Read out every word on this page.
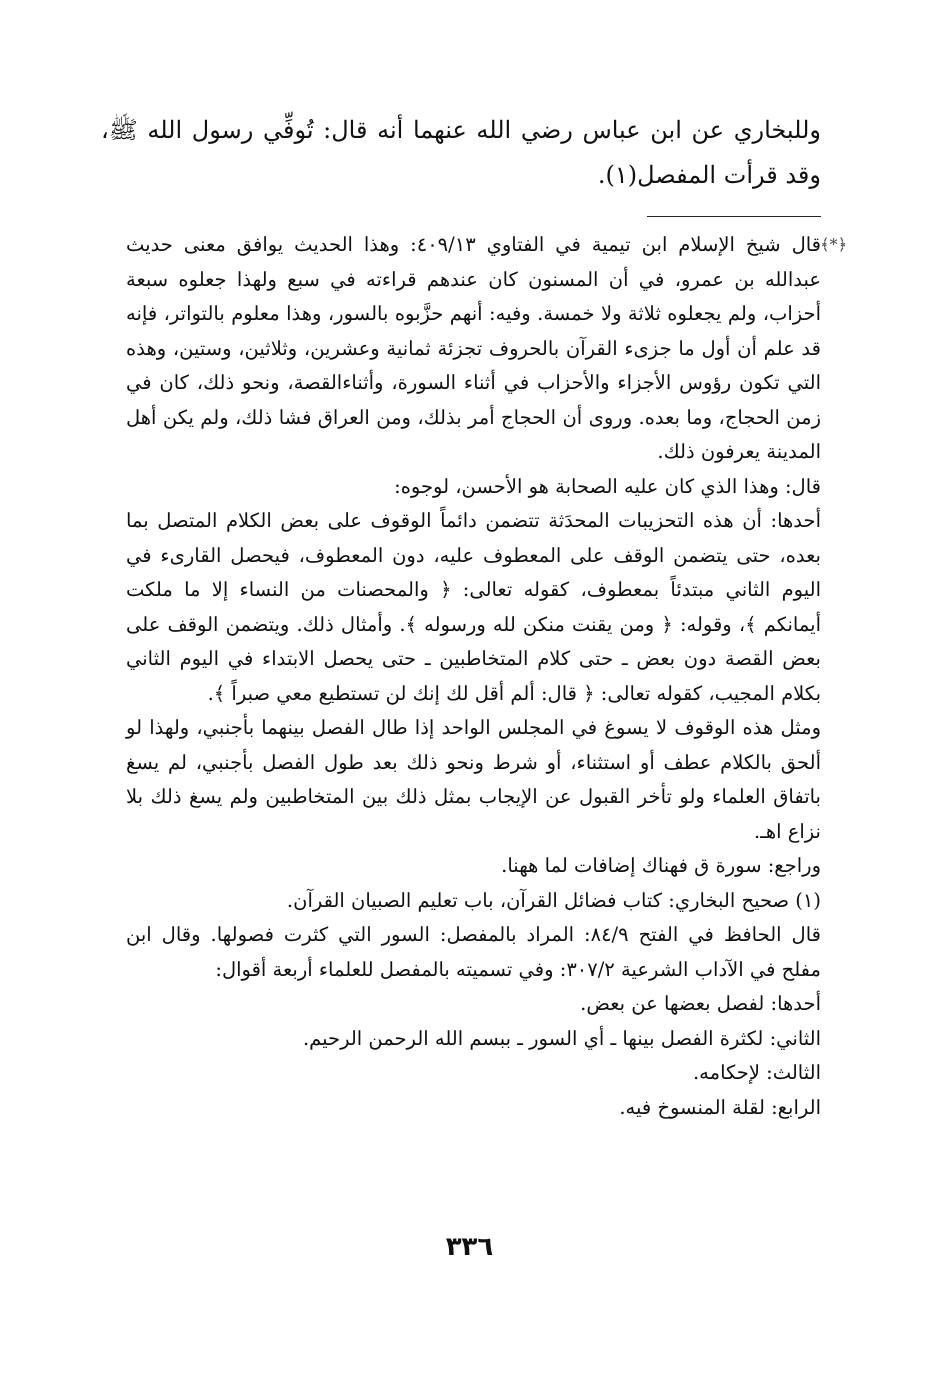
وللبخاري عن ابن عباس رضي الله عنهما أنه قال: تُوفِّي رسول الله ﷺ، وقد قرأت المفصل(١).

﴿*﴾
قال شيخ الإسلام ابن تيمية في الفتاوي ٤٠٩/١٣: وهذا الحديث يوافق معنى حديث عبدالله بن عمرو، في أن المسنون كان عندهم قراءته في سبع ولهذا جعلوه سبعة أحزاب، ولم يجعلوه ثلاثة ولا خمسة. وفيه: أنهم حزَّبوه بالسور، وهذا معلوم بالتواتر، فإنه قد علم أن أول ما جزىء القرآن بالحروف تجزئة ثمانية وعشرين، وثلاثين، وستين، وهذه التي تكون رؤوس الأجزاء والأحزاب في أثناء السورة، وأثناءالقصة، ونحو ذلك، كان في زمن الحجاج، وما بعده. وروى أن الحجاج أمر بذلك، ومن العراق فشا ذلك، ولم يكن أهل المدينة يعرفون ذلك.

قال: وهذا الذي كان عليه الصحابة هو الأحسن، لوجوه:

أحدها: أن هذه التحزيبات المحدَثة تتضمن دائماً الوقوف على بعض الكلام المتصل بما بعده، حتى يتضمن الوقف على المعطوف عليه، دون المعطوف، فيحصل القارىء في اليوم الثاني مبتدئاً بمعطوف، كقوله تعالى: ﴿ والمحصنات من النساء إلا ما ملكت أيمانكم ﴾، وقوله: ﴿ ومن يقنت منكن لله ورسوله ﴾. وأمثال ذلك. ويتضمن الوقف على بعض القصة دون بعض ـ حتى كلام المتخاطبين ـ حتى يحصل الابتداء في اليوم الثاني بكلام المجيب، كقوله تعالى: ﴿ قال: ألم أقل لك إنك لن تستطيع معي صبراً ﴾.

ومثل هذه الوقوف لا يسوغ في المجلس الواحد إذا طال الفصل بينهما بأجنبي، ولهذا لو ألحق بالكلام عطف أو استثناء، أو شرط ونحو ذلك بعد طول الفصل بأجنبي، لم يسغ باتفاق العلماء ولو تأخر القبول عن الإيجاب بمثل ذلك بين المتخاطبين ولم يسغ ذلك بلا نزاع اهـ.

وراجع: سورة ق فهناك إضافات لما ههنا.

(١) صحيح البخاري: كتاب فضائل القرآن، باب تعليم الصبيان القرآن.

قال الحافظ في الفتح ٨٤/٩: المراد بالمفصل: السور التي كثرت فصولها. وقال ابن مفلح في الآداب الشرعية ٣٠٧/٢: وفي تسميته بالمفصل للعلماء أربعة أقوال:

أحدها: لفصل بعضها عن بعض.

الثاني: لكثرة الفصل بينها ـ أي السور ـ ببسم الله الرحمن الرحيم.

الثالث: لإحكامه.

الرابع: لقلة المنسوخ فيه.

٣٣٦
